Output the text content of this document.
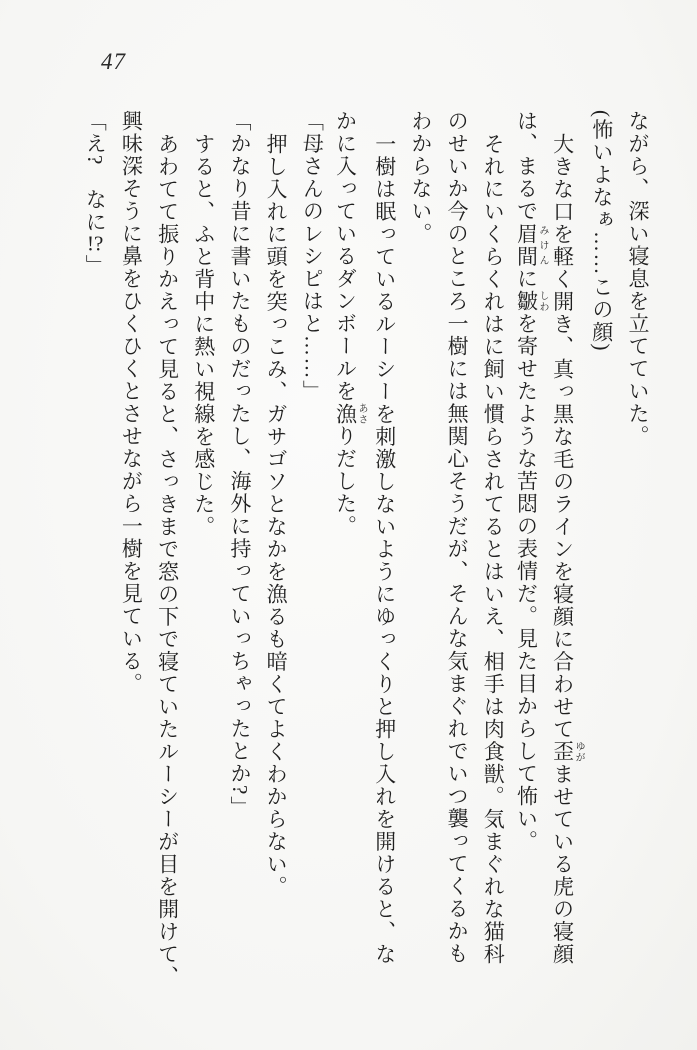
47

ながら、深い寝息を立てていた。

(怖いよなぁ……この顔)

大きな口を軽く開き、真っ黒な毛のラインを寝顔に合わせて歪ゆがませている虎の寝顔

は、まるで眉間みけんに皺しわを寄せたような苦悶の表情だ。見た目からして怖い。

それにいくらくれはに飼い慣らされてるとはいえ、相手は肉食獣。気まぐれな猫科

のせいか今のところ一樹には無関心そうだが、そんな気まぐれでいつ襲ってくるかも

わからない。

一樹は眠っているルーシーを刺激しないようにゆっくりと押し入れを開けると、な

かに入っているダンボールを漁あさりだした。

「母さんのレシピはと……」

押し入れに頭を突っこみ、ガサゴソとなかを漁るも暗くてよくわからない。

「かなり昔に書いたものだったし、海外に持っていっちゃったとか?」

すると、ふと背中に熱い視線を感じた。

あわてて振りかえって見ると、さっきまで窓の下で寝ていたルーシーが目を開けて、

興味深そうに鼻をひくひくとさせながら一樹を見ている。

「え?　なに!?」
